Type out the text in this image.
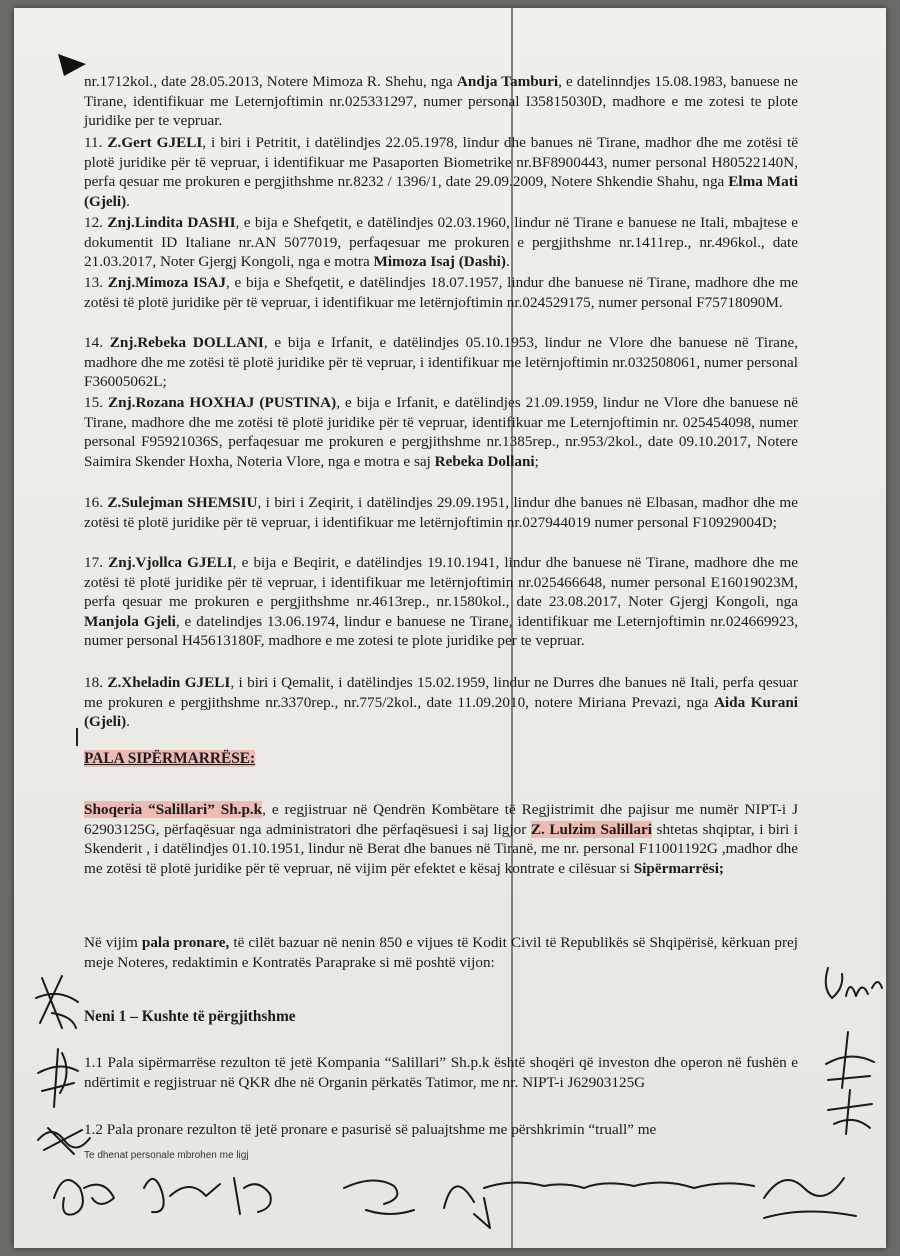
nr.1712kol., date 28.05.2013, Notere Mimoza R. Shehu, nga Andja Tamburi, e datelinndjes 15.08.1983, banuese ne Tirane, identifikuar me Leternjoftimin nr.025331297, numer personal I35815030D, madhore e me zotesi te plote juridike per te vepruar.

11. Z.Gert GJELI, i biri i Petritit, i datëlindjes 22.05.1978, lindur dhe banues në Tirane, madhor dhe me zotësi të plotë juridike për të vepruar, i identifikuar me Pasaporten Biometrike nr.BF8900443, numer personal H80522140N, perfa qesuar me prokuren e pergjithshme nr.8232 / 1396/1, date 29.09.2009, Notere Shkendie Shahu, nga Elma Mati (Gjeli).

12. Znj.Lindita DASHI, e bija e Shefqetit, e datëlindjes 02.03.1960, lindur në Tirane e banuese ne Itali, mbajtese e dokumentit ID Italiane nr.AN 5077019, perfaqesuar me prokuren e pergjithshme nr.1411rep., nr.496kol., date 21.03.2017, Noter Gjergj Kongoli, nga e motra Mimoza Isaj (Dashi).

13. Znj.Mimoza ISAJ, e bija e Shefqetit, e datëlindjes 18.07.1957, lindur dhe banuese në Tirane, madhore dhe me zotësi të plotë juridike për të vepruar, i identifikuar me letërnjoftimin nr.024529175, numer personal F75718090M.

14. Znj.Rebeka DOLLANI, e bija e Irfanit, e datëlindjes 05.10.1953, lindur ne Vlore dhe banuese në Tirane, madhore dhe me zotësi të plotë juridike për të vepruar, i identifikuar me letërnjoftimin nr.032508061, numer personal F36005062L;

15. Znj.Rozana HOXHAJ (PUSTINA), e bija e Irfanit, e datëlindjes 21.09.1959, lindur ne Vlore dhe banuese në Tirane, madhore dhe me zotësi të plotë juridike për të vepruar, identifikuar me Leternjoftimin nr. 025454098, numer personal F95921036S, perfaqesuar me prokuren e pergjithshme nr.1385rep., nr.953/2kol., date 09.10.2017, Notere Saimira Skender Hoxha, Noteria Vlore, nga e motra e saj Rebeka Dollani;

16. Z.Sulejman SHEMSIU, i biri i Zeqirit, i datëlindjes 29.09.1951, lindur dhe banues në Elbasan, madhor dhe me zotësi të plotë juridike për të vepruar, i identifikuar me letërnjoftimin nr.027944019 numer personal F10929004D;

17. Znj.Vjollca GJELI, e bija e Beqirit, e datëlindjes 19.10.1941, lindur dhe banuese në Tirane, madhore dhe me zotësi të plotë juridike për të vepruar, i identifikuar me letërnjoftimin nr.025466648, numer personal E16019023M, perfa qesuar me prokuren e pergjithshme nr.4613rep., nr.1580kol., date 23.08.2017, Noter Gjergj Kongoli, nga Manjola Gjeli, e datelindjes 13.06.1974, lindur e banuese ne Tirane, identifikuar me Leternjoftimin nr.024669923, numer personal H45613180F, madhore e me zotesi te plote juridike per te vepruar.

18. Z.Xheladin GJELI, i biri i Qemalit, i datëlindjes 15.02.1959, lindur ne Durres dhe banues në Itali, perfa qesuar me prokuren e pergjithshme nr.3370rep., nr.775/2kol., date 11.09.2010, notere Miriana Prevazi, nga Aida Kurani (Gjeli).

PALA SIPËRMARRËSE:

Shoqeria “Salillari” Sh.p.k, e regjistruar në Qendrën Kombëtare të Regjistrimit dhe pajisur me numër NIPT-i J 62903125G, përfaqësuar nga administratori dhe përfaqësuesi i saj ligjor Z. Lulzim Salillari shtetas shqiptar, i biri i Skenderit , i datëlindjes 01.10.1951, lindur në Berat dhe banues në Tiranë, me nr. personal F11001192G ,madhor dhe me zotësi të plotë juridike për të vepruar, në vijim për efektet e kësaj kontrate e cilësuar si Sipërmarrësi;

Në vijim pala pronare, të cilët bazuar në nenin 850 e vijues të Kodit Civil të Republikës së Shqipërisë, kërkuan prej meje Noteres, redaktimin e Kontratës Paraprake si më poshtë vijon:

Neni 1 – Kushte të përgjithshme

1.1 Pala sipërmarrëse rezulton të jetë Kompania “Salillari” Sh.p.k është shoqëri që investon dhe operon në fushën e ndërtimit e regjistruar në QKR dhe në Organin përkatës Tatimor, me nr. NIPT-i J62903125G

1.2 Pala pronare rezulton të jetë pronare e pasurisë së paluajtshme me përshkrimin “truall” me

Te dhenat personale mbrohen me ligj
